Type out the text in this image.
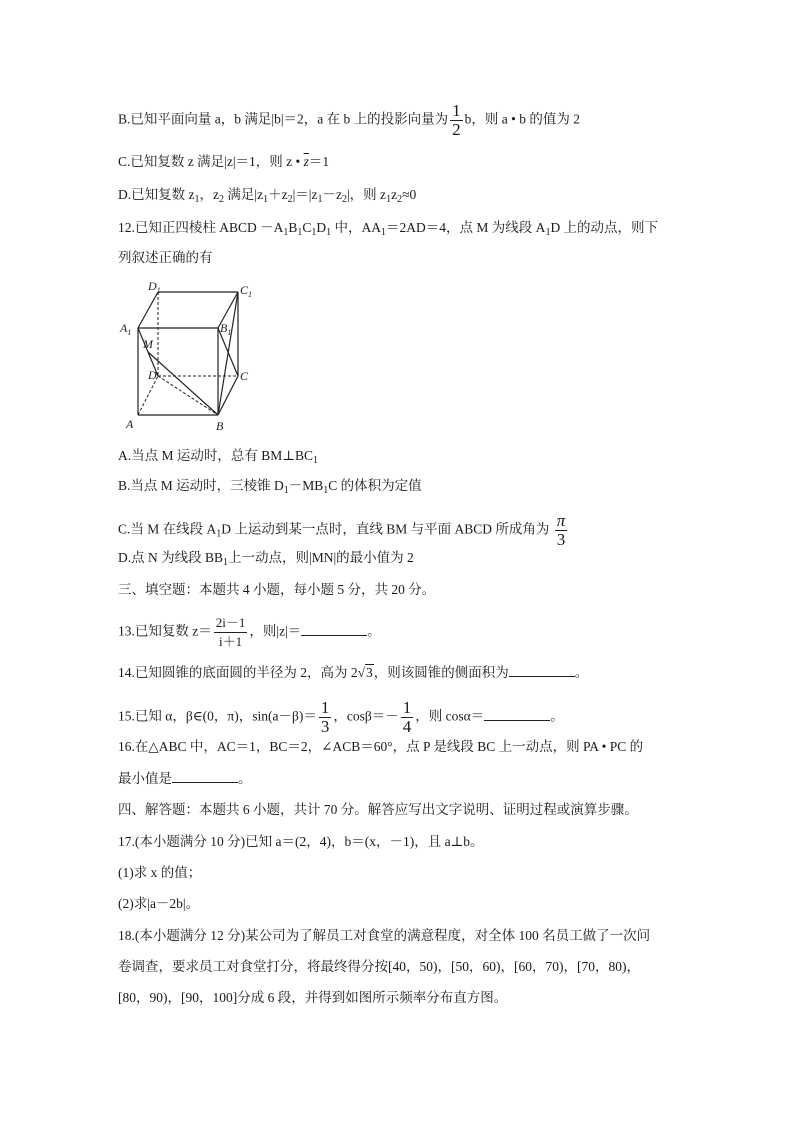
B.已知平面向量 a，b 满足|b|＝2，a 在 b 上的投影向量为 $\frac{1}{2}$ b，则 a • b 的值为 2
C.已知复数 z 满足|z|＝1，则 z • $\overline{z}=1$
D.已知复数 $z_1$，$z_2$ 满足$|z_1+z_2|=|z_1-z_2|$，则 $z_1z_2\approx 0$
12.已知正四棱柱 ABCD $-A_1B_1C_1D_1$ 中，$AA_1=2AD=4$，点 M 为线段 $A_1D$ 上的动点，则下
列叙述正确的有
$D_1$	$C_1$
$A_1$	$B_1$
M
D	C
A	B
A.当点 M 运动时，总有 $BM\perp BC_1$
B.当点 M 运动时，三棱锥 $D_1-MB_1C$ 的体积为定值
C.当 M 在线段 $A_1D$ 上运动到某一点时，直线 BM 与平面 ABCD 所成角为 $\frac{\pi}{3}$
D.点 N 为线段 $BB_1$上一动点，则|MN|的最小值为 2
三、填空题：本题共 4 小题，每小题 5 分，共 20 分。
13.已知复数 $z= \frac{2i-1}{i+1}$ ，则|z|＝	。
14.已知圆锥的底面圆的半径为 2，高为 2√3，则该圆锥的侧面积为	。
15.已知 α，β∈(0，π)，$\sin(a-\beta)= \frac{1}{3}$ ，$\cos\beta=- \frac{1}{4}$ ，则 cosα＝	。
16.在△ABC 中，AC＝1，BC＝2，∠ACB＝60°，点 P 是线段 BC 上一动点，则 PA • PC 的
最小值是	。
四、解答题：本题共 6 小题，共计 70 分。解答应写出文字说明、证明过程或演算步骤。
17.(本小题满分 10 分)已知 a＝(2，4)，b＝(x，－1)，且 a⊥b。
(1)求 x 的值；
(2)求|a－2b|。
18.(本小题满分 12 分)某公司为了解员工对食堂的满意程度，对全体 100 名员工做了一次问
卷调查，要求员工对食堂打分，将最终得分按[40，50)，[50，60)，[60，70)，[70，80)，
[80，90)，[90，100]分成 6 段，并得到如图所示频率分布直方图。
